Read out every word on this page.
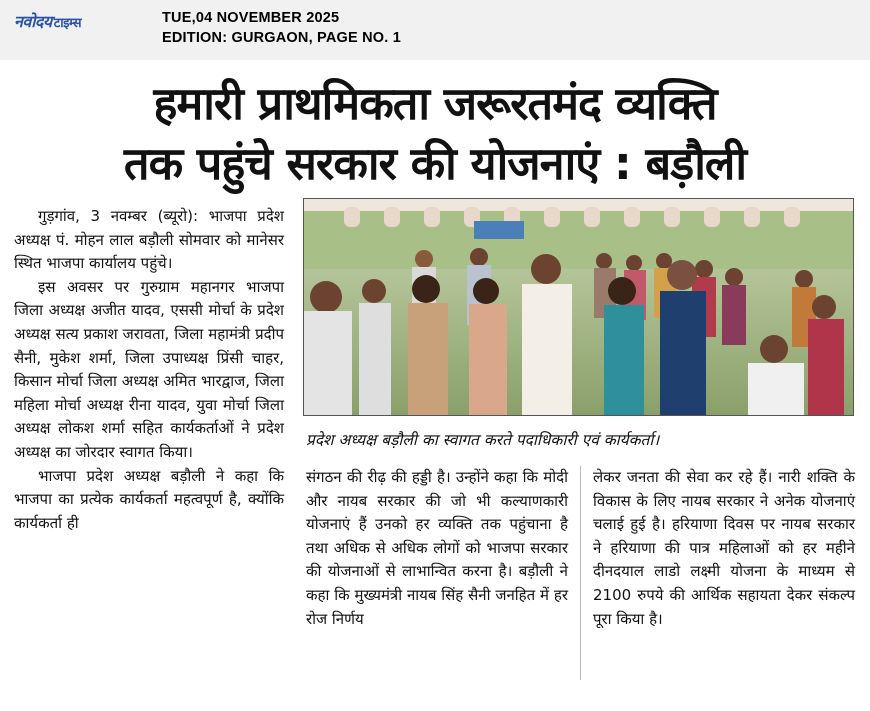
नवोदय टाइम्स	TUE,04 NOVEMBER 2025
EDITION: GURGAON, PAGE NO. 1
हमारी प्राथमिकता जरूरतमंद व्यक्ति
तक पहुंचे सरकार की योजनाएं : बड़ौली

गुड़गांव, 3 नवम्बर (ब्यूरो): भाजपा प्रदेश अध्यक्ष पं. मोहन लाल बड़ौली सोमवार को मानेसर स्थित भाजपा कार्यालय पहुंचे।

इस अवसर पर गुरुग्राम महानगर भाजपा जिला अध्यक्ष अजीत यादव, एससी मोर्चा के प्रदेश अध्यक्ष सत्य प्रकाश जरावता, जिला महामंत्री प्रदीप सैनी, मुकेश शर्मा, जिला उपाध्यक्ष प्रिंसी चाहर, किसान मोर्चा जिला अध्यक्ष अमित भारद्वाज, जिला महिला मोर्चा अध्यक्ष रीना यादव, युवा मोर्चा जिला अध्यक्ष लोकश शर्मा सहित कार्यकर्ताओं ने प्रदेश अध्यक्ष का जोरदार स्वागत किया।

भाजपा प्रदेश अध्यक्ष बड़ौली ने कहा कि भाजपा का प्रत्येक कार्यकर्ता महत्वपूर्ण है, क्योंकि कार्यकर्ता ही

प्रदेश अध्यक्ष बड़ौली का स्वागत करते पदाधिकारी एवं कार्यकर्ता।

संगठन की रीढ़ की हड्डी है। उन्होंने कहा कि मोदी और नायब सरकार की जो भी कल्याणकारी योजनाएं हैं उनको हर व्यक्ति तक पहुंचाना है तथा अधिक से अधिक लोगों को भाजपा सरकार की योजनाओं से लाभान्वित करना है। बड़ौली ने कहा कि मुख्यमंत्री नायब सिंह सैनी जनहित में हर रोज निर्णय

लेकर जनता की सेवा कर रहे हैं। नारी शक्ति के विकास के लिए नायब सरकार ने अनेक योजनाएं चलाई हुई है। हरियाणा दिवस पर नायब सरकार ने हरियाणा की पात्र महिलाओं को हर महीने दीनदयाल लाडो लक्ष्मी योजना के माध्यम से 2100 रुपये की आर्थिक सहायता देकर संकल्प पूरा किया है।
